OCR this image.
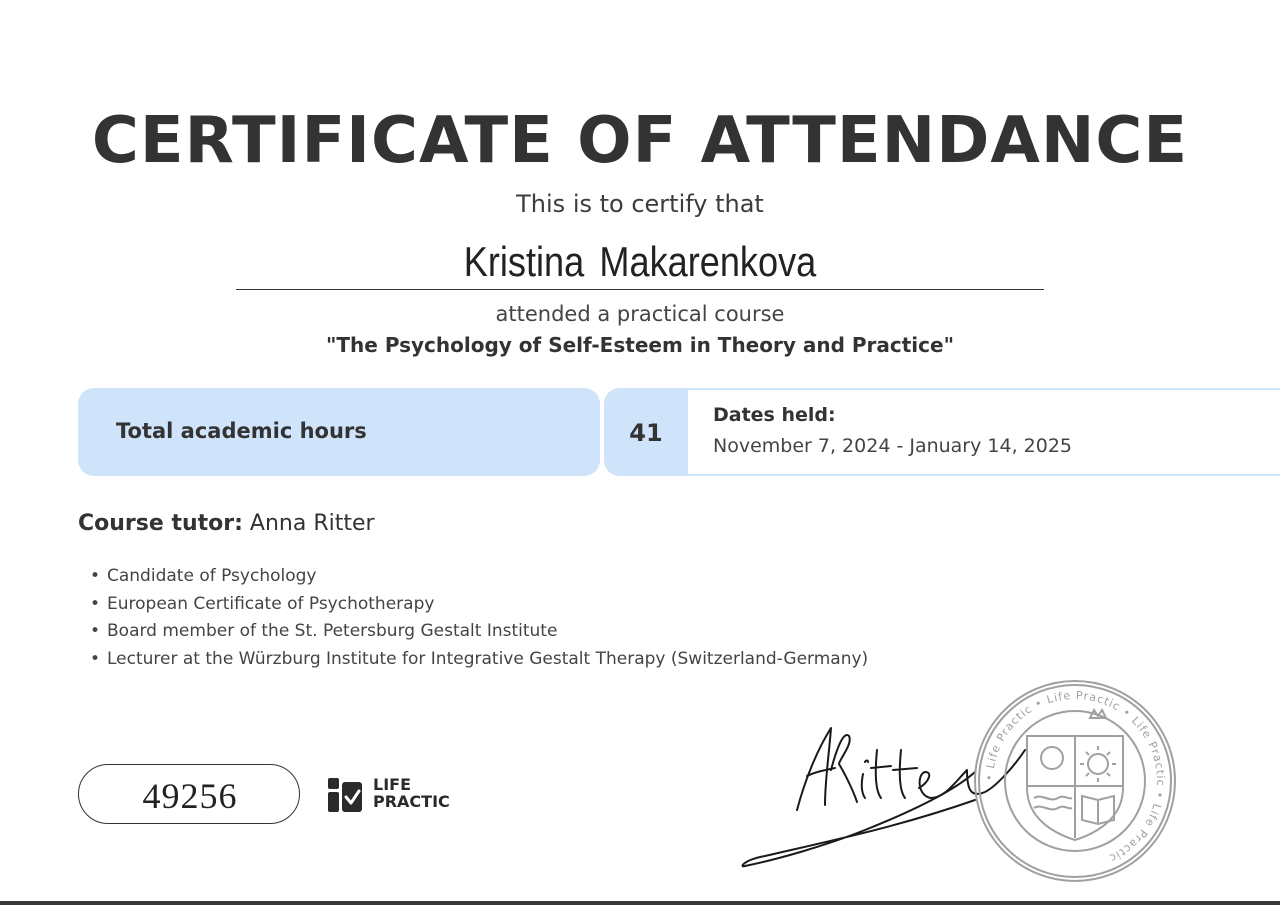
CERTIFICATE OF ATTENDANCE
This is to certify that
Kristina Makarenkova
attended a practical course
"The Psychology of Self-Esteem in Theory and Practice"
Total academic hours	41
Dates held:
November 7, 2024 - January 14, 2025
Course tutor: Anna Ritter
• Candidate of Psychology
• European Certificate of Psychotherapy
• Board member of the St. Petersburg Gestalt Institute
• Lecturer at the Würzburg Institute for Integrative Gestalt Therapy (Switzerland-Germany)
49256	LIFE
PRACTIC
• Life Practic • Life Practic • Life Practic • Life Practic
